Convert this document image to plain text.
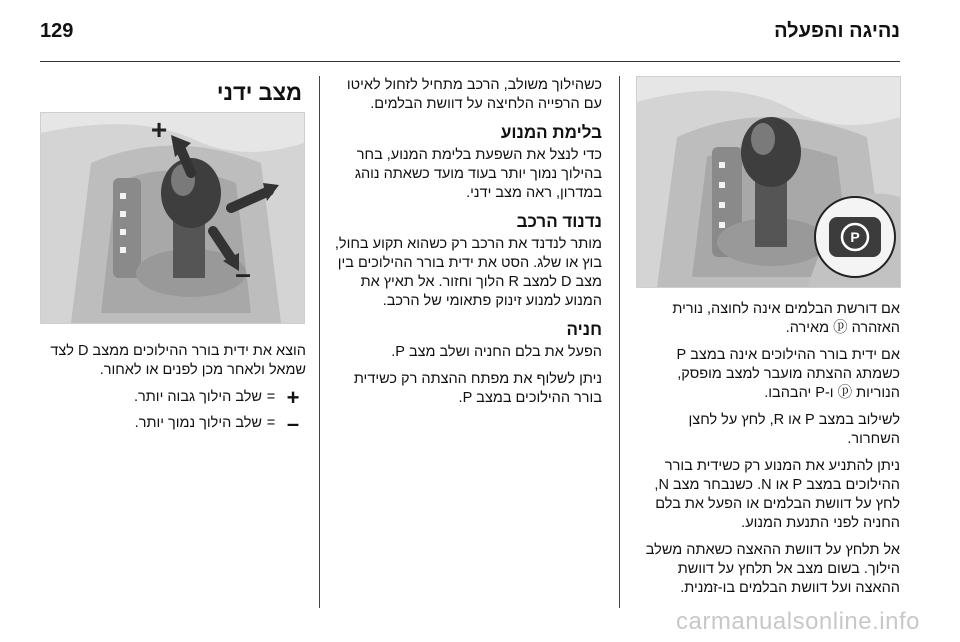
129	נהיגה והפעלה
P

אם דורשת הבלמים אינה לחוצה, נורית האזהרה ⓟ מאירה.

אם ידית בורר ההילוכים אינה במצב P כשמתג ההצתה מועבר למצב מופסק, הנוריות ⓟ ו-P יהבהבו.

לשילוב במצב P או R, לחץ על לחצן השחרור.

ניתן להתניע את המנוע רק כשידית בורר ההילוכים במצב P או N. כשנבחר מצב N, לחץ על דוושת הבלמים או הפעל את בלם החניה לפני התנעת המנוע.

אל תלחץ על דוושת ההאצה כשאתה משלב הילוך. בשום מצב אל תלחץ על דוושת ההאצה ועל דוושת הבלמים בו-זמנית.

כשהילוך משולב, הרכב מתחיל לזחול לאיטו עם הרפייה הלחיצה על דוושת הבלמים.

בלימת המנוע

כדי לנצל את השפעת בלימת המנוע, בחר בהילוך נמוך יותר בעוד מועד כשאתה נוהג במדרון, ראה מצב ידני.

נדנוד הרכב

מותר לנדנד את הרכב רק כשהוא תקוע בחול, בוץ או שלג. הסט את ידית בורר ההילוכים בין מצב D למצב R הלוך וחזור. אל תאיץ את המנוע למנוע זינוק פתאומי של הרכב.

חניה

הפעל את בלם החניה ושלב מצב P.

ניתן לשלוף את מפתח ההצתה רק כשידית בורר ההילוכים במצב P.

מצב ידני
+
–

הוצא את ידית בורר ההילוכים ממצב D לצד שמאל ולאחר מכן לפנים או לאחור.

+
=
שלב הילוך גבוה יותר.
–
=
שלב הילוך נמוך יותר.
carmanualsonline.info
